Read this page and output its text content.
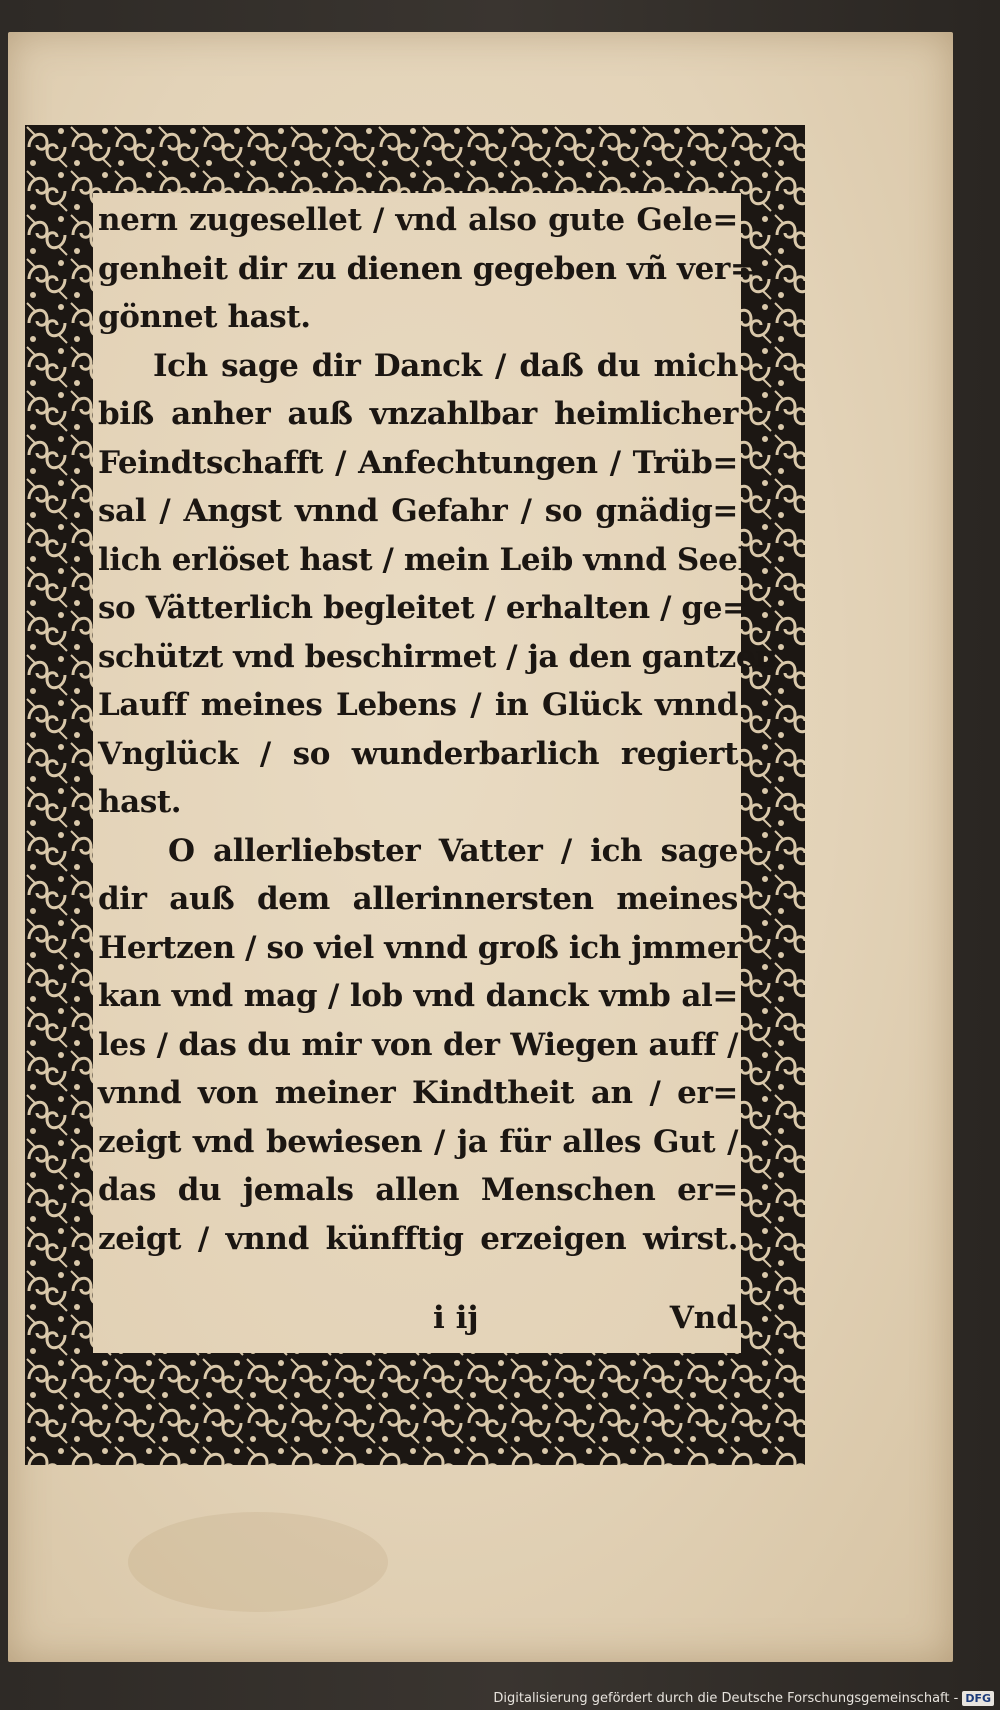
nern zugesellet / vnd also gute Gele=
genheit dir zu dienen gegeben vñ ver=
gönnet hast.
Ich sage dir Danck / daß du mich
biß anher auß vnzahlbar heimlicher
Feindtschafft / Anfechtungen / Trüb=
sal / Angst vnnd Gefahr / so gnädig=
lich erlöset hast / mein Leib vnnd Seel
so Vätterlich begleitet / erhalten / ge=
schützt vnd beschirmet / ja den gantzen
Lauff meines Lebens / in Glück vnnd
Vnglück / so wunderbarlich regiert
hast.
O allerliebster Vatter / ich sage
dir auß dem allerinnersten meines
Hertzen / so viel vnnd groß ich jmmer
kan vnd mag / lob vnd danck vmb al=
les / das du mir von der Wiegen auff /
vnnd von meiner Kindtheit an / er=
zeigt vnd bewiesen / ja für alles Gut /
das du jemals allen Menschen er=
zeigt / vnnd künfftig erzeigen wirst.
i ij	Vnd
Digitalisierung gefördert durch die Deutsche Forschungsgemeinschaft - DFG
